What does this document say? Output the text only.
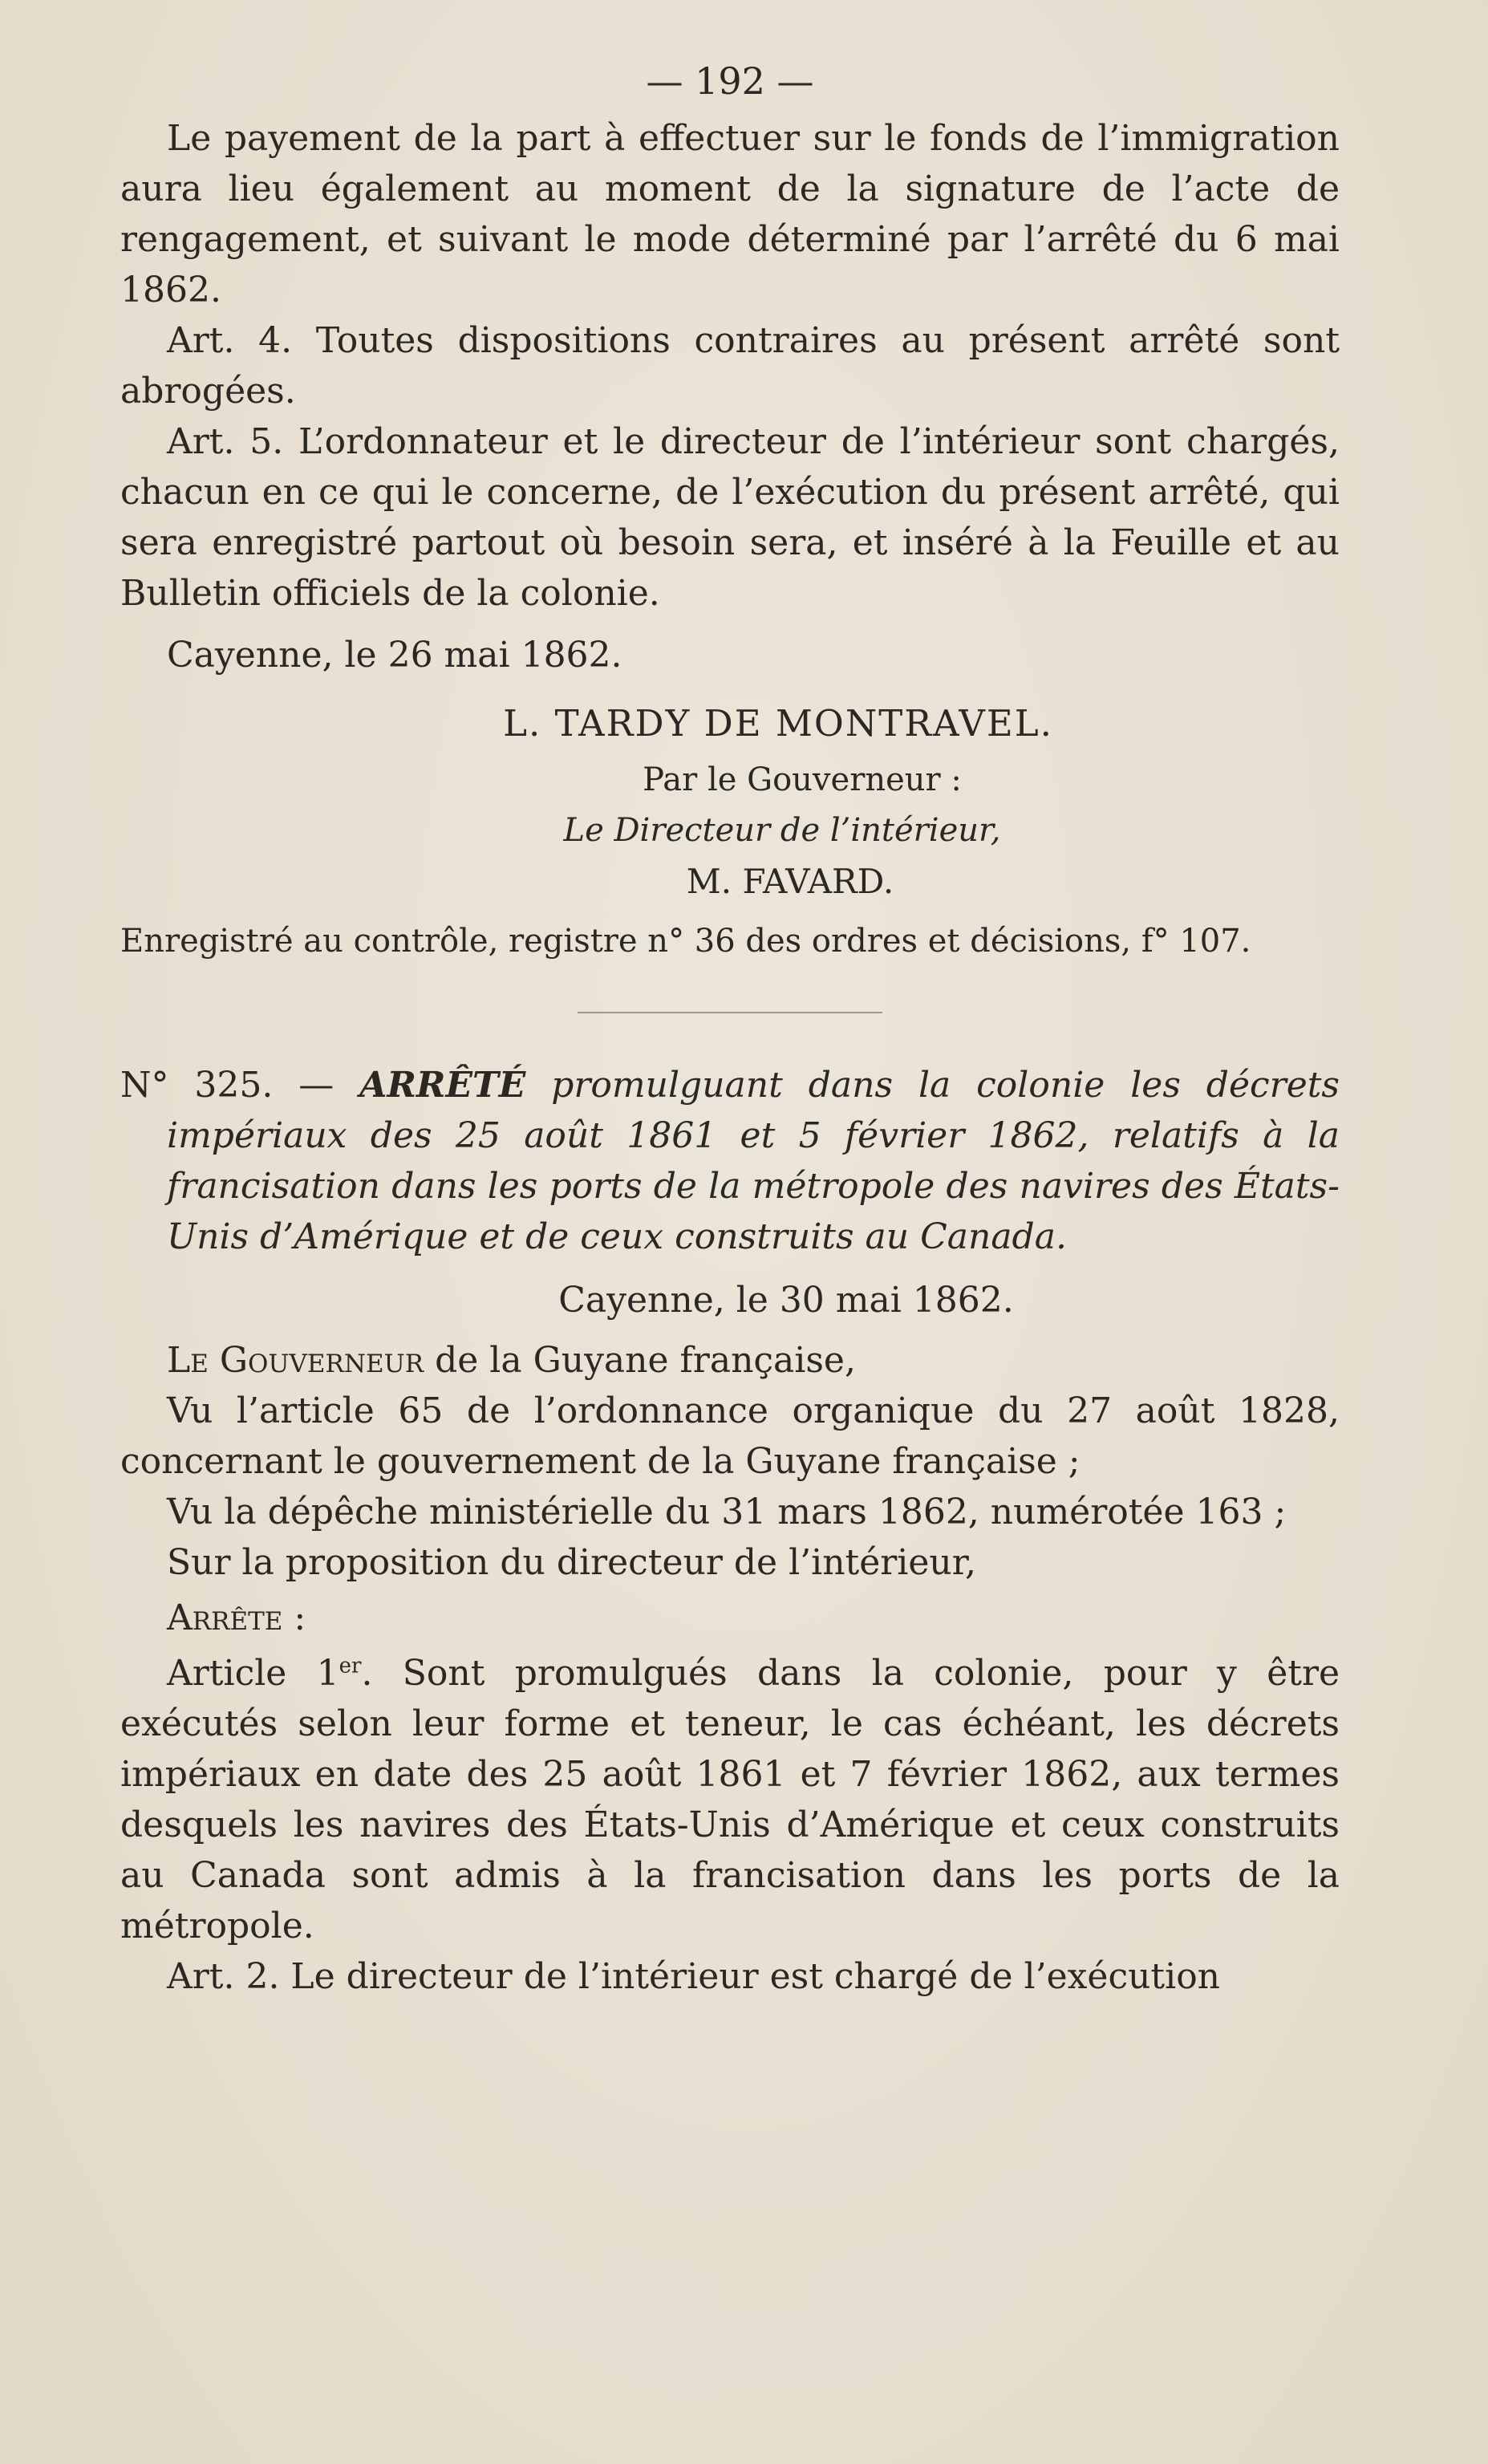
— 192 —

Le payement de la part à effectuer sur le fonds de l’immigration aura lieu également au moment de la signature de l’acte de rengagement, et suivant le mode déterminé par l’arrêté du 6 mai 1862.

Art. 4. Toutes dispositions contraires au présent arrêté sont abrogées.

Art. 5. L’ordonnateur et le directeur de l’intérieur sont chargés, chacun en ce qui le concerne, de l’exécution du présent arrêté, qui sera enregistré partout où besoin sera, et inséré à la Feuille et au Bulletin officiels de la colonie.

Cayenne, le 26 mai 1862.

L. TARDY DE MONTRAVEL.
Par le Gouverneur :
Le Directeur de l’intérieur,
M. FAVARD.

Enregistré au contrôle, registre n° 36 des ordres et décisions, f° 107.

N° 325. — ARRÊTÉ promulguant dans la colonie les décrets impériaux des 25 août 1861 et 5 février 1862, relatifs à la francisation dans les ports de la métropole des navires des États-Unis d’Amérique et de ceux construits au Canada.

Cayenne, le 30 mai 1862.

Le Gouverneur de la Guyane française,

Vu l’article 65 de l’ordonnance organique du 27 août 1828, concernant le gouvernement de la Guyane française ;

Vu la dépêche ministérielle du 31 mars 1862, numérotée 163 ;

Sur la proposition du directeur de l’intérieur,

Arrête :

Article 1er. Sont promulgués dans la colonie, pour y être exécutés selon leur forme et teneur, le cas échéant, les décrets impériaux en date des 25 août 1861 et 7 février 1862, aux termes desquels les navires des États-Unis d’Amérique et ceux construits au Canada sont admis à la francisation dans les ports de la métropole.

Art. 2. Le directeur de l’intérieur est chargé de l’exécution
